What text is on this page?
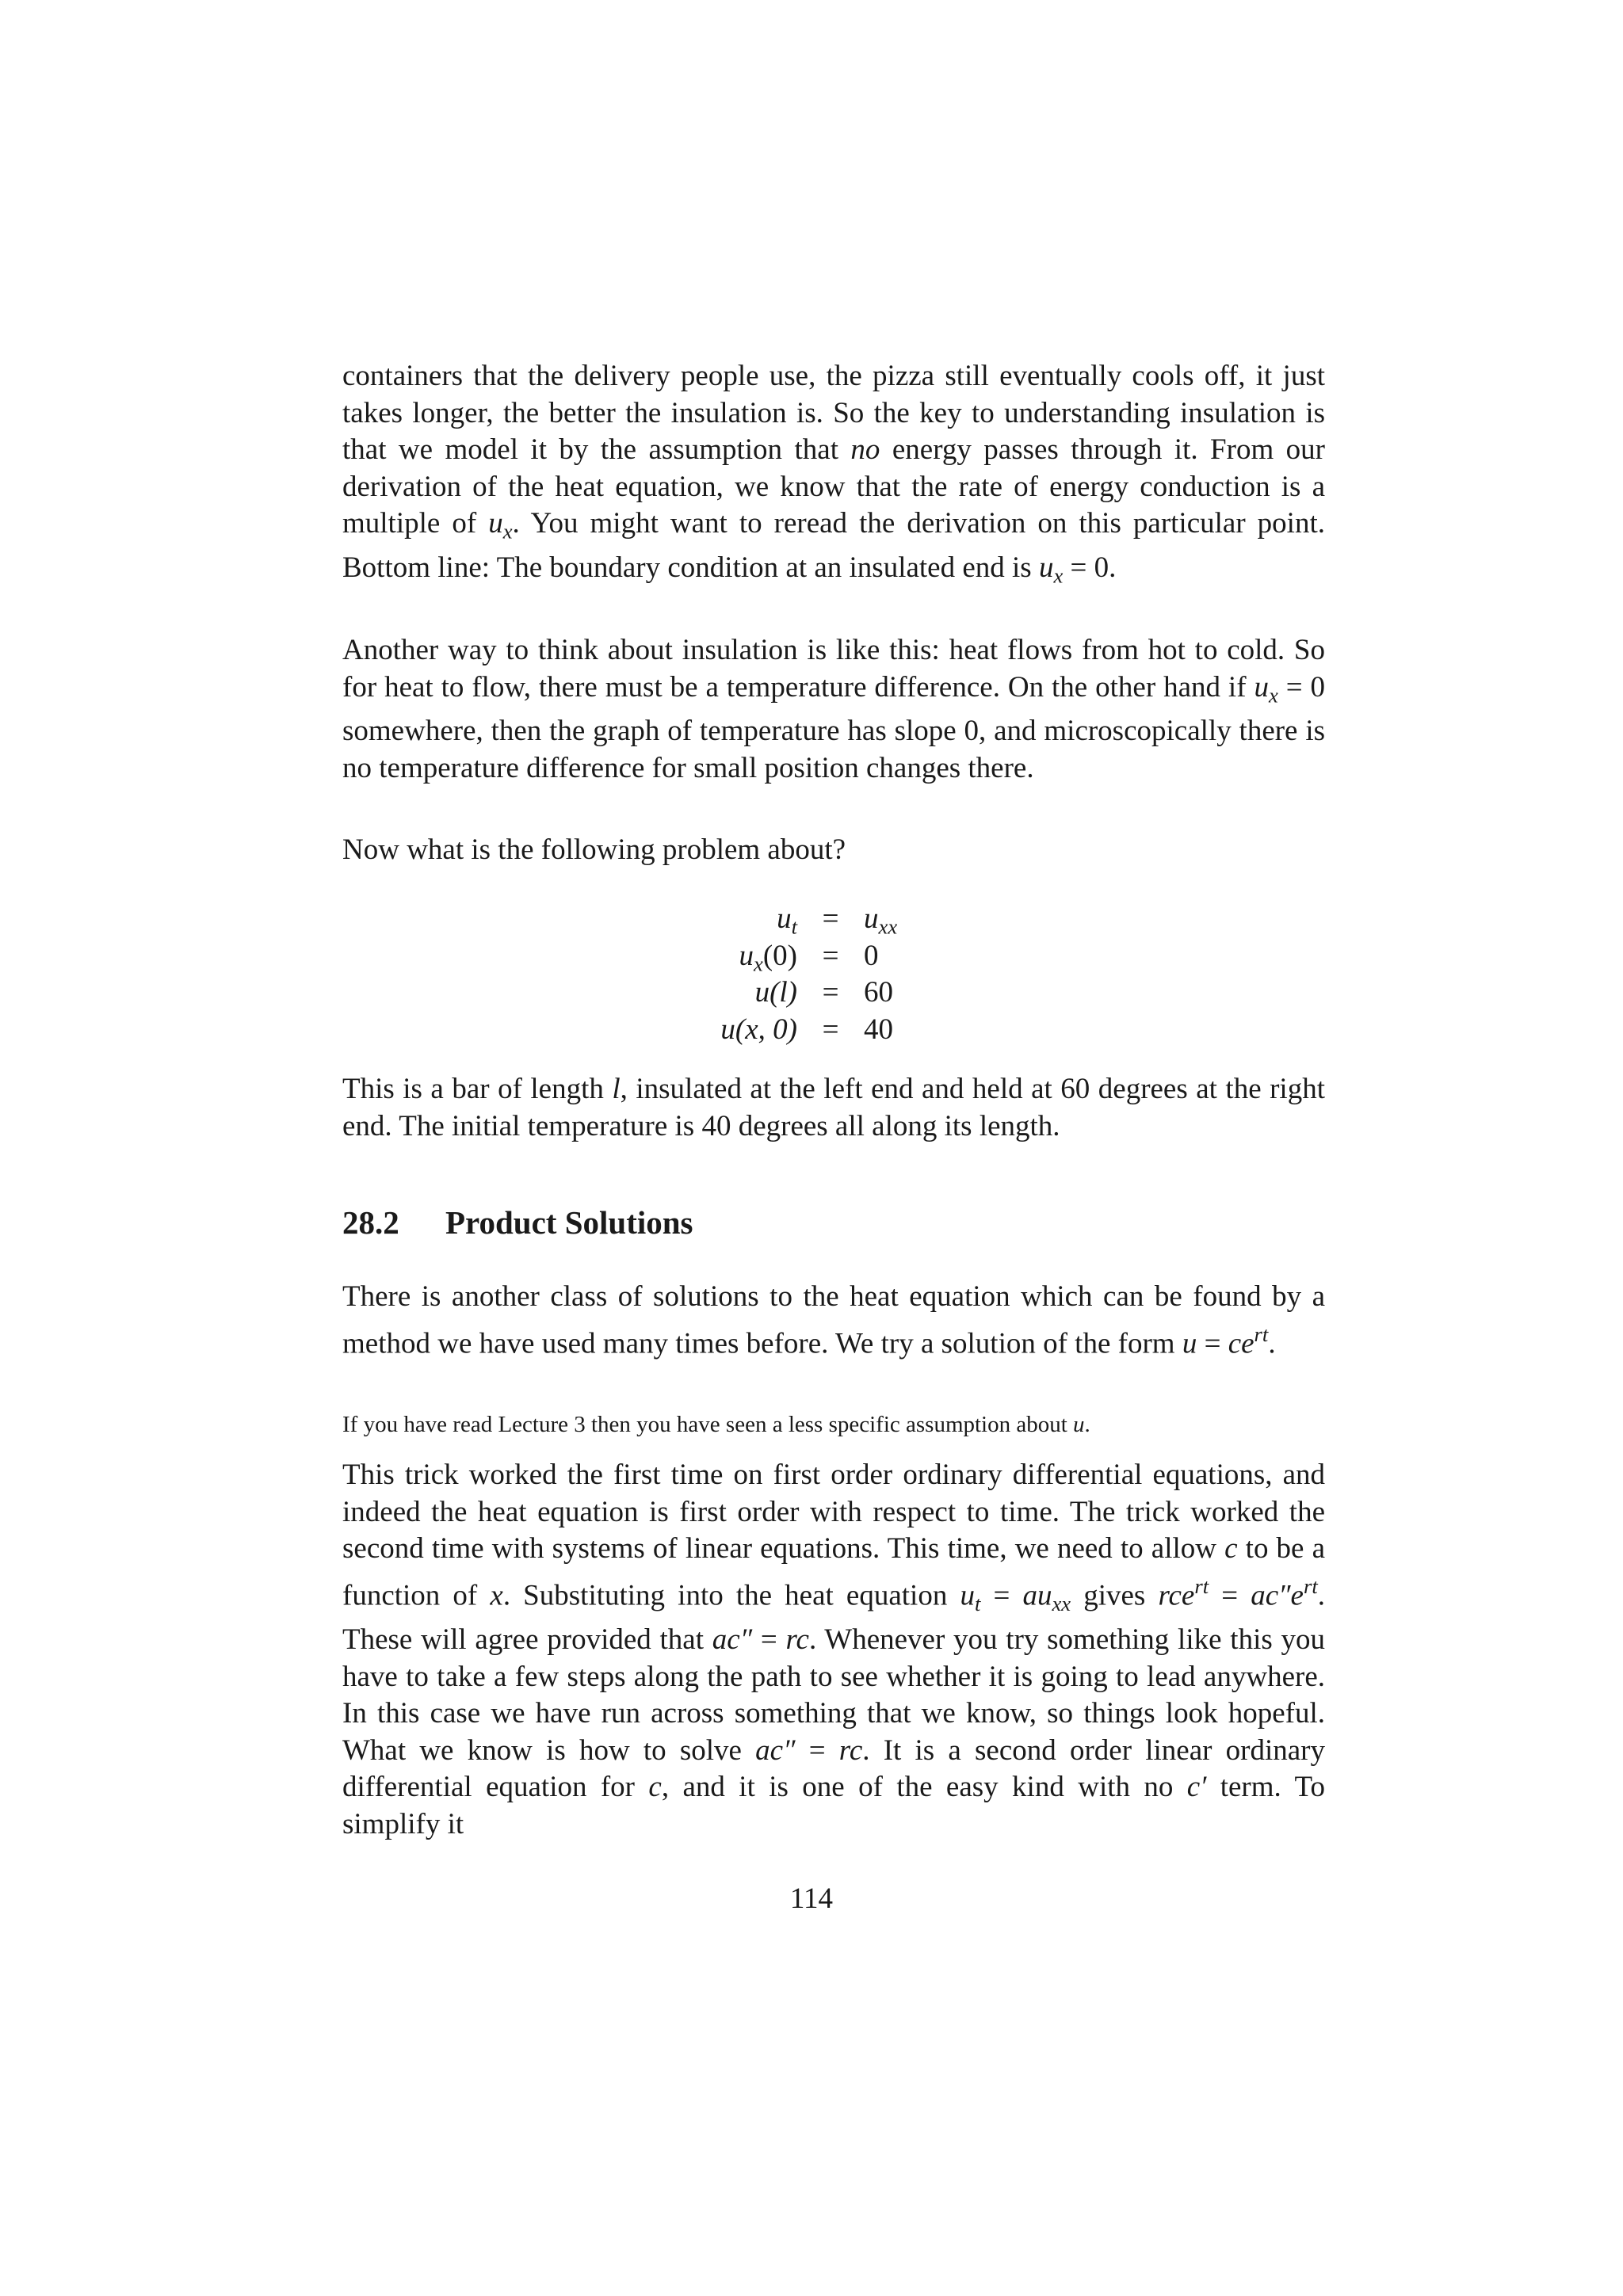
containers that the delivery people use, the pizza still eventually cools off, it just takes longer, the better the insulation is. So the key to understanding insulation is that we model it by the assumption that no energy passes through it. From our derivation of the heat equation, we know that the rate of energy conduction is a multiple of $u_x$. You might want to reread the derivation on this particular point. Bottom line: The boundary condition at an insulated end is $u_x = 0$.

Another way to think about insulation is like this: heat flows from hot to cold. So for heat to flow, there must be a temperature difference. On the other hand if $u_x = 0$ somewhere, then the graph of temperature has slope 0, and microscopically there is no temperature difference for small position changes there.

Now what is the following problem about?

$u_t = u_{xx}$
$u_x(0) = 0$
u(l) = 60
u(x, 0) = 40

This is a bar of length l, insulated at the left end and held at 60 degrees at the right end. The initial temperature is 40 degrees all along its length.

28.2 Product Solutions

There is another class of solutions to the heat equation which can be found by a method we have used many times before. We try a solution of the form $u = ce^{rt}$.

If you have read Lecture 3 then you have seen a less specific assumption about u.

This trick worked the first time on first order ordinary differential equations, and indeed the heat equation is first order with respect to time. The trick worked the second time with systems of linear equations. This time, we need to allow c to be a function of x. Substituting into the heat equation $u_t = au_{xx}$ gives $rce^{rt} = ac''e^{rt}$. These will agree provided that ac″ = rc. Whenever you try something like this you have to take a few steps along the path to see whether it is going to lead anywhere. In this case we have run across something that we know, so things look hopeful. What we know is how to solve ac″ = rc. It is a second order linear ordinary differential equation for c, and it is one of the easy kind with no c′ term. To simplify it

114
